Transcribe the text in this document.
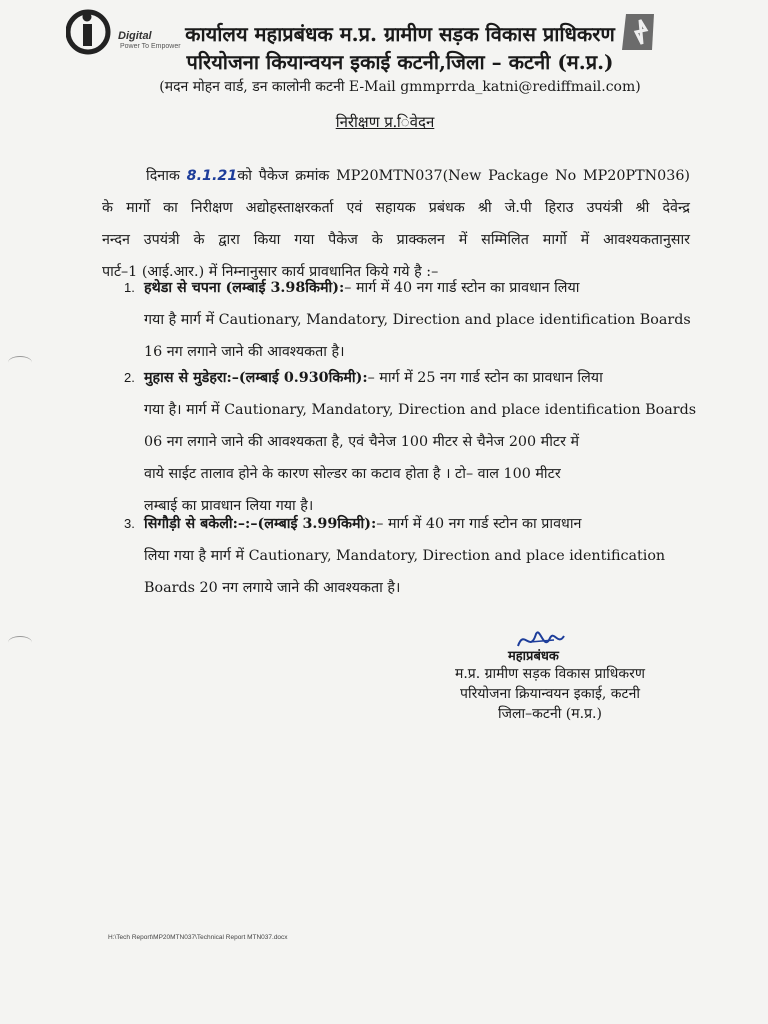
Digital
Power To Empower
कार्यालय महाप्रबंधक म.प्र. ग्रामीण सड़क विकास प्राधिकरण
परियोजना कियान्वयन इकाई कटनी,जिला – कटनी (म.प्र.)
(मदन मोहन वार्ड, डन कालोनी कटनी E-Mail gmmprrda_katni@rediffmail.com)
निरीक्षण प्र.िवेदन
दिनाक 8.1.21को पैकेज क्रमांक MP20MTN037(New Package No MP20PTN036)
के मार्गो का निरीक्षण अद्योहस्ताक्षरकर्ता एवं सहायक प्रबंधक श्री जे.पी हिराउ उपयंत्री श्री देवेन्द्र
नन्दन उपयंत्री के द्वारा किया गया पैकेज के प्राक्कलन में सम्मिलित मार्गो में आवश्यकतानुसार
पार्ट–1 (आई.आर.) में निम्नानुसार कार्य प्रावधानित किये गये है :–
1. हथेडा से चपना (लम्बाई 3.98किमी):– मार्ग में 40 नग गार्ड स्टोन का प्रावधान लिया
गया है मार्ग में Cautionary, Mandatory, Direction and place identification Boards
16 नग लगाने जाने की आवश्यकता है।
2. मुहास से मुडेहरा:–(लम्बाई 0.930किमी):– मार्ग में 25 नग गार्ड स्टोन का प्रावधान लिया
गया है। मार्ग में Cautionary, Mandatory, Direction and place identification Boards
06 नग लगाने जाने की आवश्यकता है, एवं चैनेज 100 मीटर से चैनेज 200 मीटर में
वाये साईट तालाव होने के कारण सोल्डर का कटाव होता है । टो– वाल 100 मीटर
लम्बाई का प्रावधान लिया गया है।
3. सिगौड़ी से बकेली:–:–(लम्बाई 3.99किमी):– मार्ग में 40 नग गार्ड स्टोन का प्रावधान
लिया गया है मार्ग में Cautionary, Mandatory, Direction and place identification
Boards 20 नग लगाये जाने की आवश्यकता है।
महाप्रबंधक
म.प्र. ग्रामीण सड़क विकास प्राधिकरण
परियोजना क्रियान्वयन इकाई, कटनी
जिला–कटनी (म.प्र.)
H:\Tech Report\MP20MTN037\Technical Report MTN037.docx
